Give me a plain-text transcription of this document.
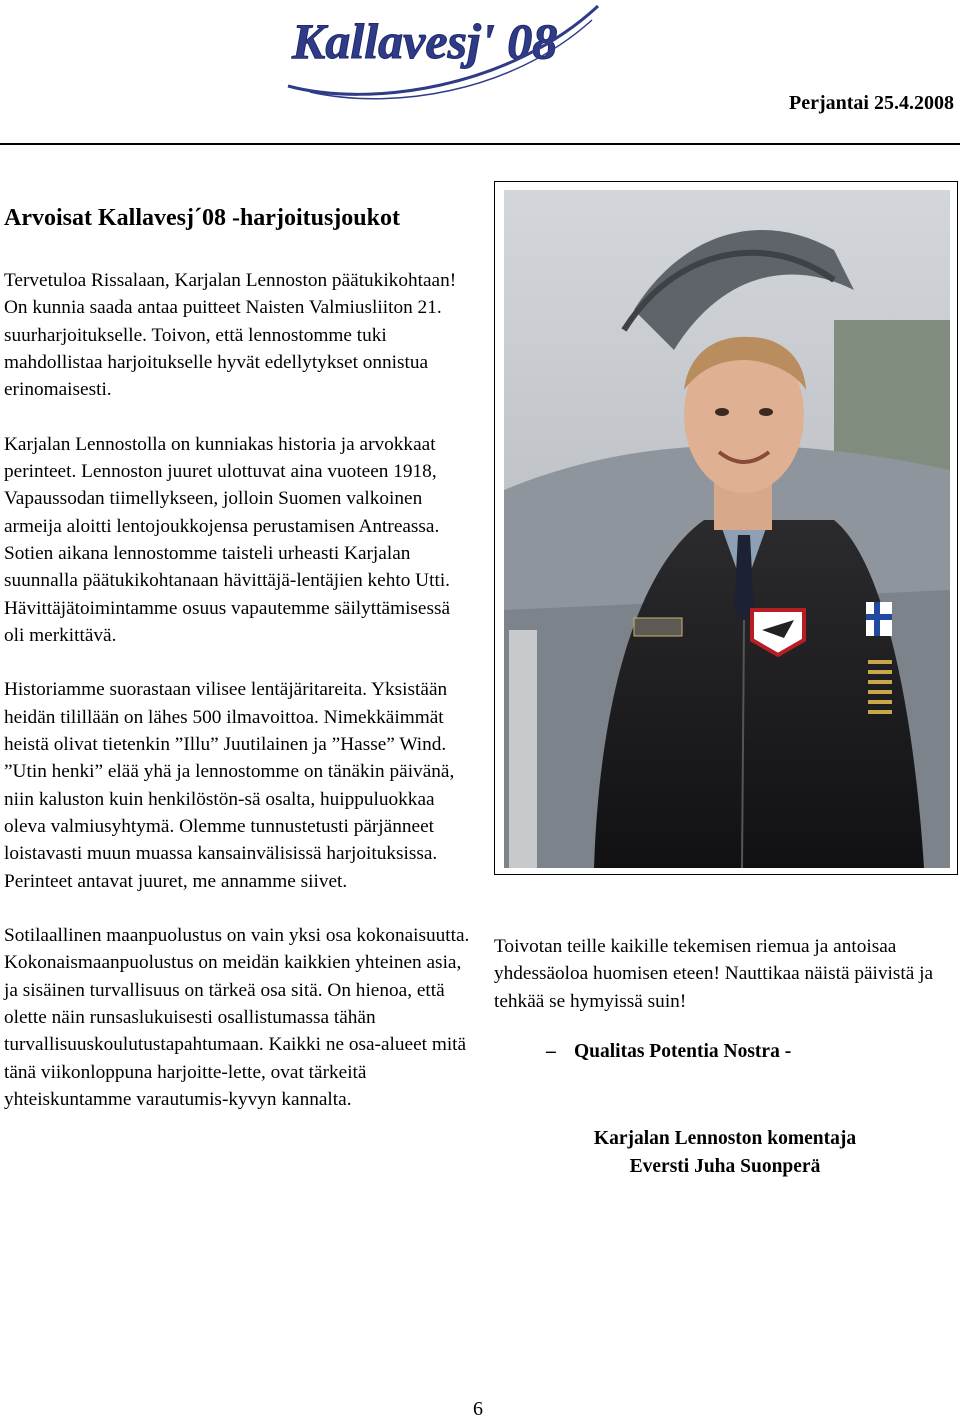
Kallavesj' 08
Perjantai 25.4.2008
Arvoisat Kallavesj´08 -harjoitusjoukot

Tervetuloa Rissalaan, Karjalan Lennoston päätukikohtaan! On kunnia saada antaa puitteet Naisten Valmiusliiton 21. suurharjoitukselle. Toivon, että lennostomme tuki mahdollistaa harjoitukselle hyvät edellytykset onnistua erinomaisesti.

Karjalan Lennostolla on kunniakas historia ja arvokkaat perinteet. Lennoston juuret ulottuvat aina vuoteen 1918, Vapaussodan tiimellykseen, jolloin Suomen valkoinen armeija aloitti lentojoukkojensa perustamisen Antreassa. Sotien aikana lennostomme taisteli urheasti Karjalan suunnalla päätukikohtanaan hävittäjä-lentäjien kehto Utti. Hävittäjätoimintamme osuus vapautemme säilyttämisessä oli merkittävä.

Historiamme suorastaan vilisee lentäjäritareita. Yksistään heidän tilillään on lähes 500 ilmavoittoa. Nimekkäimmät heistä olivat tietenkin ”Illu” Juutilainen ja ”Hasse” Wind. ”Utin henki” elää yhä ja lennostomme on tänäkin päivänä, niin kaluston kuin henkilöstön-sä osalta, huippuluokkaa oleva valmiusyhtymä. Olemme tunnustetusti pärjänneet loistavasti muun muassa kansainvälisissä harjoituksissa. Perinteet antavat juuret, me annamme siivet.

Sotilaallinen maanpuolustus on vain yksi osa kokonaisuutta. Kokonaismaanpuolustus on meidän kaikkien yhteinen asia, ja sisäinen turvallisuus on tärkeä osa sitä. On hienoa, että olette näin runsaslukuisesti osallistumassa tähän turvallisuuskoulutustapahtumaan. Kaikki ne osa-alueet mitä tänä viikonloppuna harjoitte-lette, ovat tärkeitä yhteiskuntamme varautumis-kyvyn kannalta.

Toivotan teille kaikille tekemisen riemua ja antoisaa yhdessäoloa huomisen eteen! Nauttikaa näistä päivistä ja tehkää se hymyissä suin!

– Qualitas Potentia Nostra -
Karjalan Lennoston komentaja
Eversti Juha Suonperä
6
